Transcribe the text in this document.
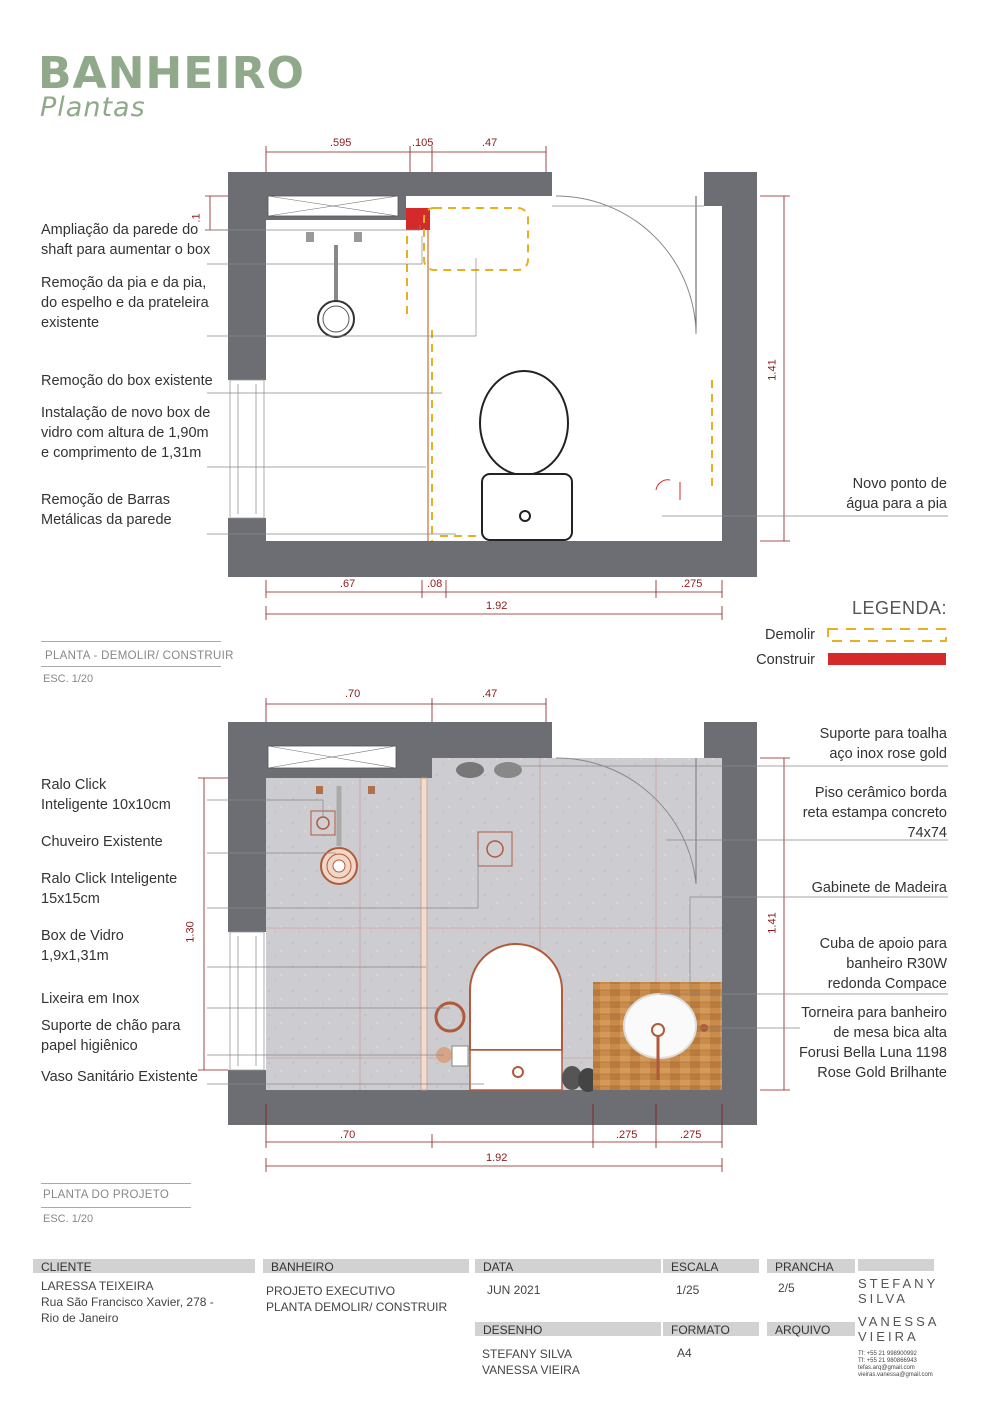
BANHEIRO
Plantas
.595	.105	.47
.1
.67	.08	.275
1.92
1.41
Ampliação da parede do
shaft para aumentar o box
Remoção da pia e da pia,
do espelho e da prateleira
existente
Remoção do box existente
Instalação de novo box de
vidro com altura de 1,90m
e comprimento de 1,31m
Remoção de Barras
Metálicas da parede
Novo ponto de
água para a pia
PLANTA - DEMOLIR/ CONSTRUIR
ESC. 1/20
LEGENDA:
Demolir
Construir
.70	.47
1.30	1.41
.70	.275	.275
1.92
Ralo Click
Inteligente 10x10cm
Chuveiro Existente
Ralo Click Inteligente
15x15cm
Box de Vidro
1,9x1,31m
Lixeira em Inox
Suporte de chão para
papel higiênico
Vaso Sanitário Existente
Suporte para toalha
aço inox rose gold
Piso cerâmico borda
reta estampa concreto
74x74
Gabinete de Madeira
Cuba de apoio para
banheiro R30W
redonda Compace
Torneira para banheiro
de mesa bica alta
Forusi Bella Luna 1198
Rose Gold Brilhante
PLANTA DO PROJETO
ESC. 1/20
CLIENTE
LARESSA TEIXEIRA
Rua São Francisco Xavier, 278 -
Rio de Janeiro
BANHEIRO
PROJETO EXECUTIVO
PLANTA DEMOLIR/ CONSTRUIR
DATA
JUN 2021
ESCALA
1/25
PRANCHA
2/5
DESENHO
STEFANY SILVA
VANESSA VIEIRA
FORMATO
A4
ARQUIVO
STEFANY
SILVA
VANESSA
VIEIRA
Tf: +55 21 998900992
Tf: +55 21 980866943
tefas.arq@gmail.com
vieiras.vanessa@gmail.com
